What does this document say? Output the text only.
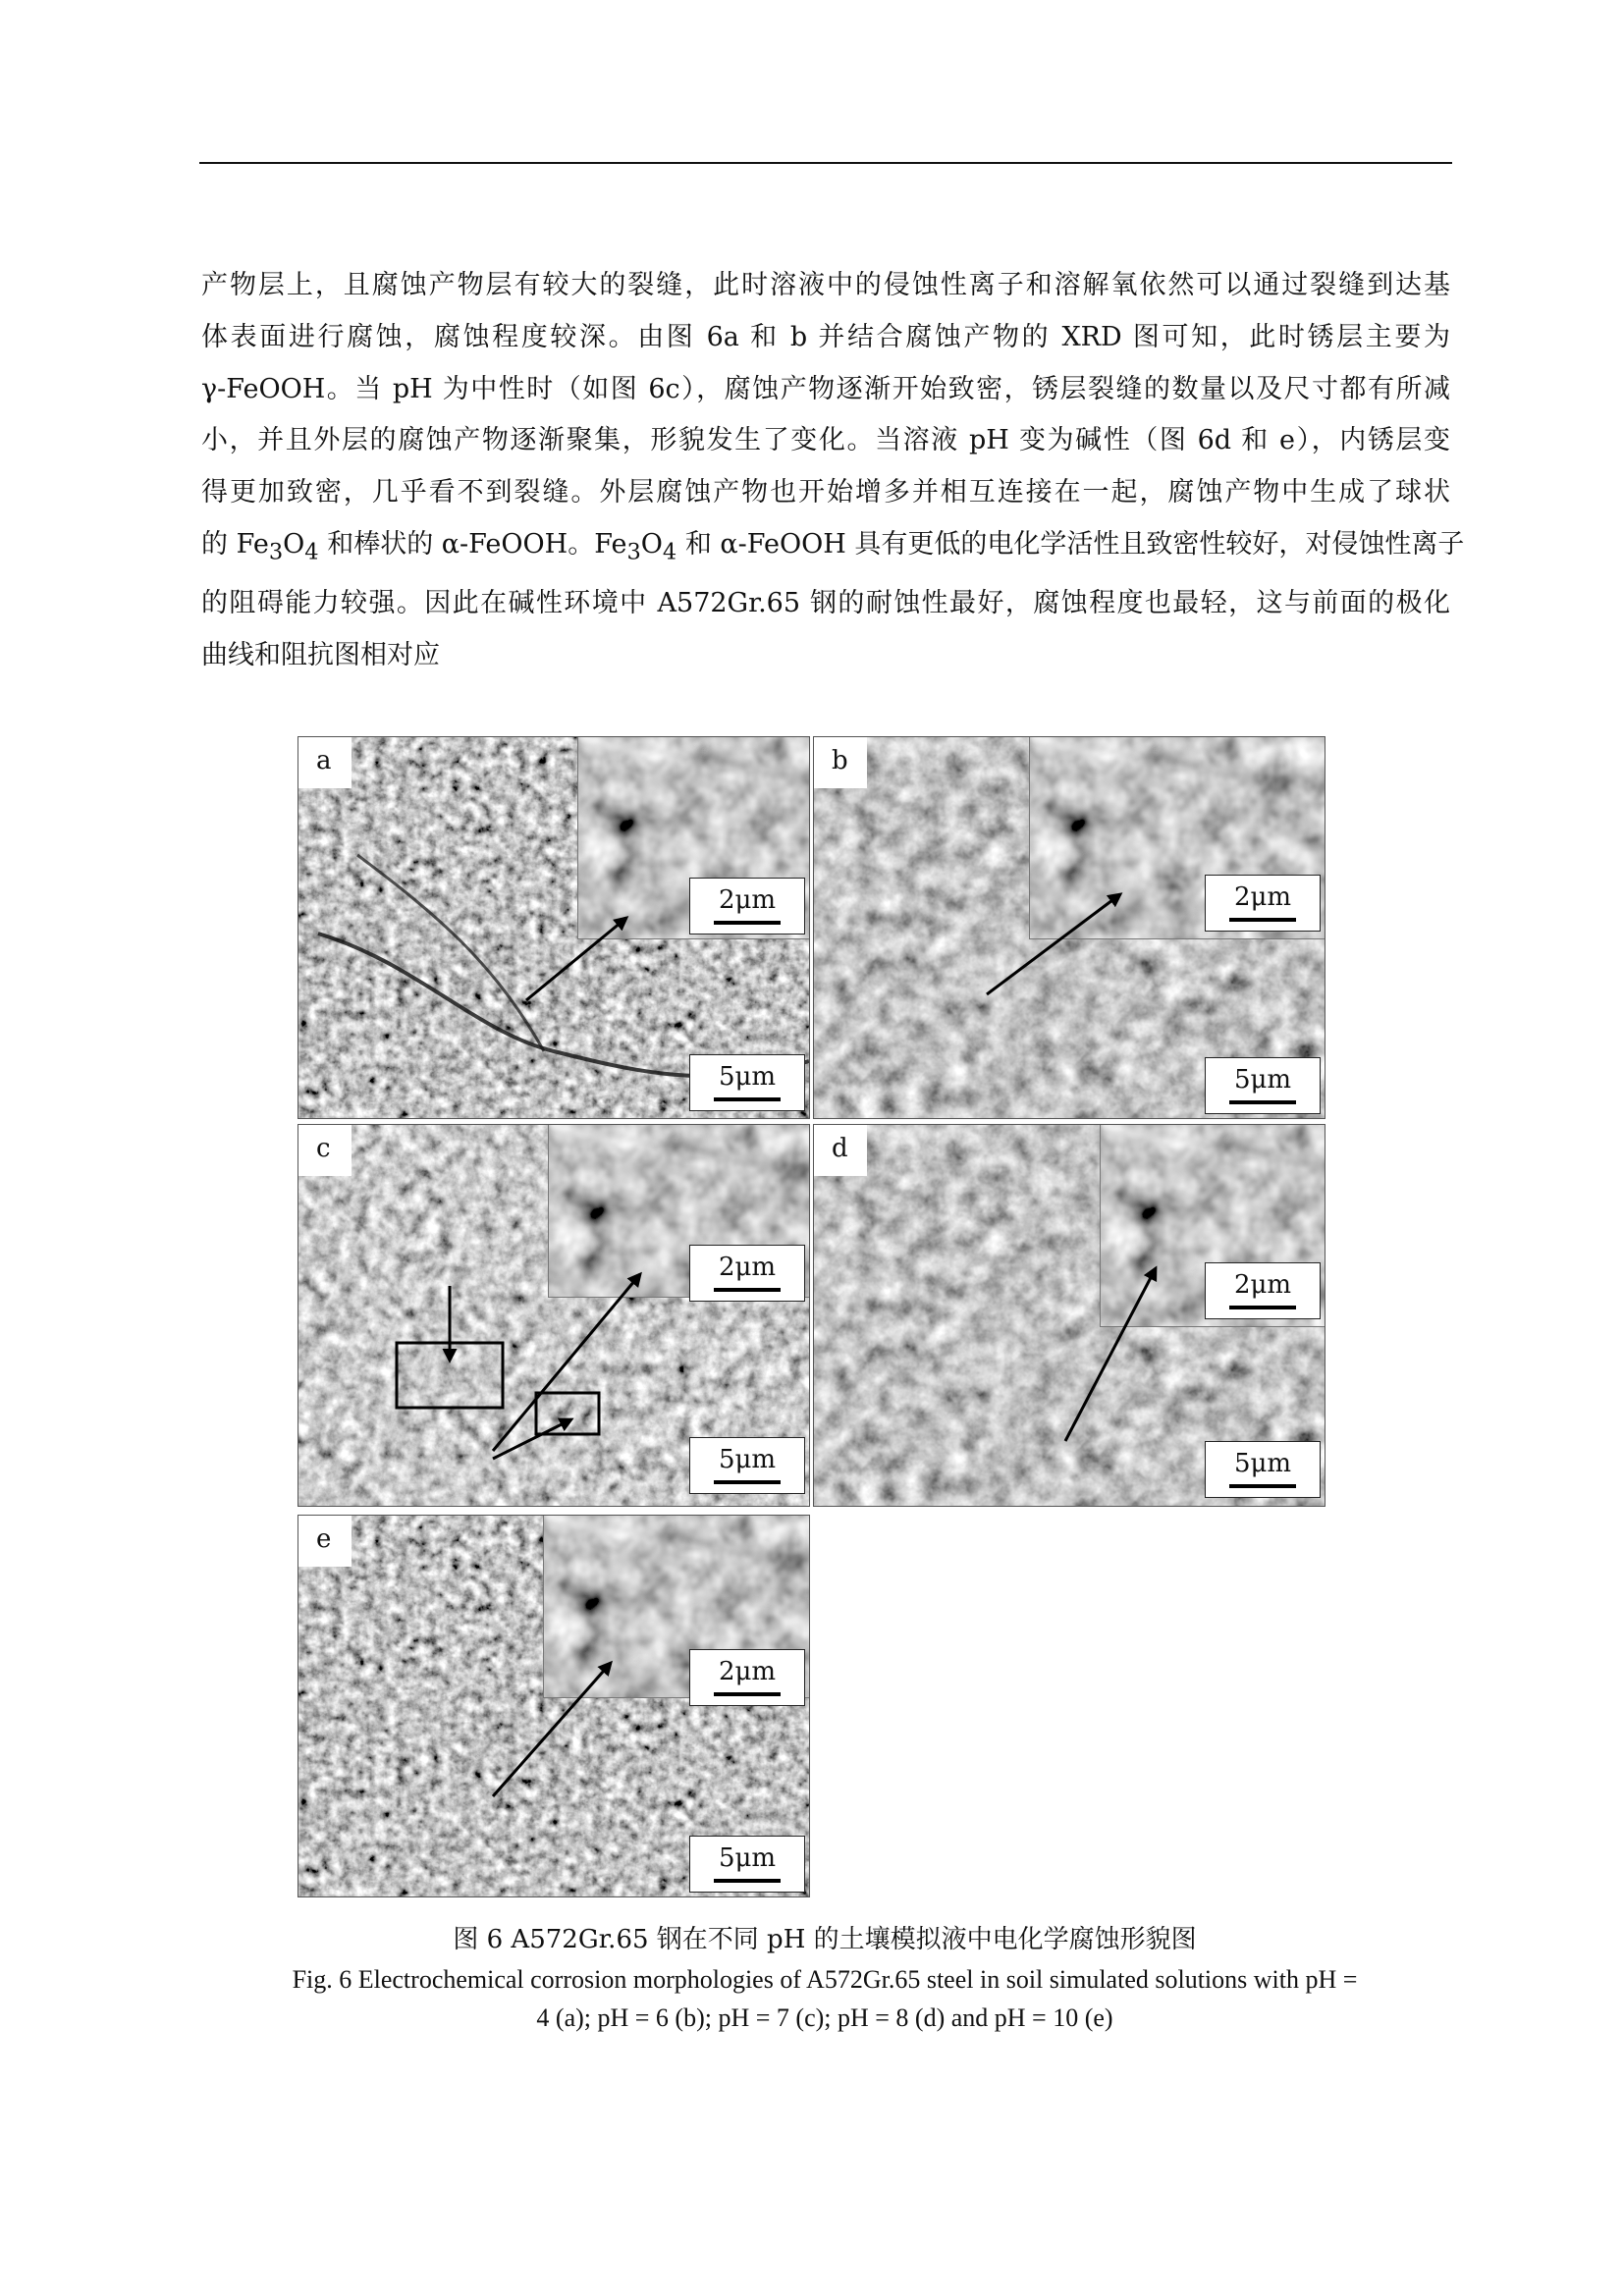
产物层上，且腐蚀产物层有较大的裂缝，此时溶液中的侵蚀性离子和溶解氧依然可以通过裂缝到达基
体表面进行腐蚀，腐蚀程度较深。由图 6a 和 b 并结合腐蚀产物的 XRD 图可知，此时锈层主要为
γ-FeOOH。当 pH 为中性时（如图 6c），腐蚀产物逐渐开始致密，锈层裂缝的数量以及尺寸都有所减
小，并且外层的腐蚀产物逐渐聚集，形貌发生了变化。当溶液 pH 变为碱性（图 6d 和 e），内锈层变
得更加致密，几乎看不到裂缝。外层腐蚀产物也开始增多并相互连接在一起，腐蚀产物中生成了球状
的 $Fe_3O_4$ 和棒状的 α-FeOOH。$Fe_3O_4$ 和 α-FeOOH 具有更低的电化学活性且致密性较好，对侵蚀性离子
的阻碍能力较强。因此在碱性环境中 A572Gr.65 钢的耐蚀性最好，腐蚀程度也最轻，这与前面的极化
曲线和阻抗图相对应
a
2μm
5μm
b
2μm
5μm
c
2μm
5μm
d
2μm
5μm
e
2μm
5μm
图 6 A572Gr.65 钢在不同 pH 的土壤模拟液中电化学腐蚀形貌图
Fig. 6 Electrochemical corrosion morphologies of A572Gr.65 steel in soil simulated solutions with pH =
4 (a); pH = 6 (b); pH = 7 (c); pH = 8 (d) and pH = 10 (e)
